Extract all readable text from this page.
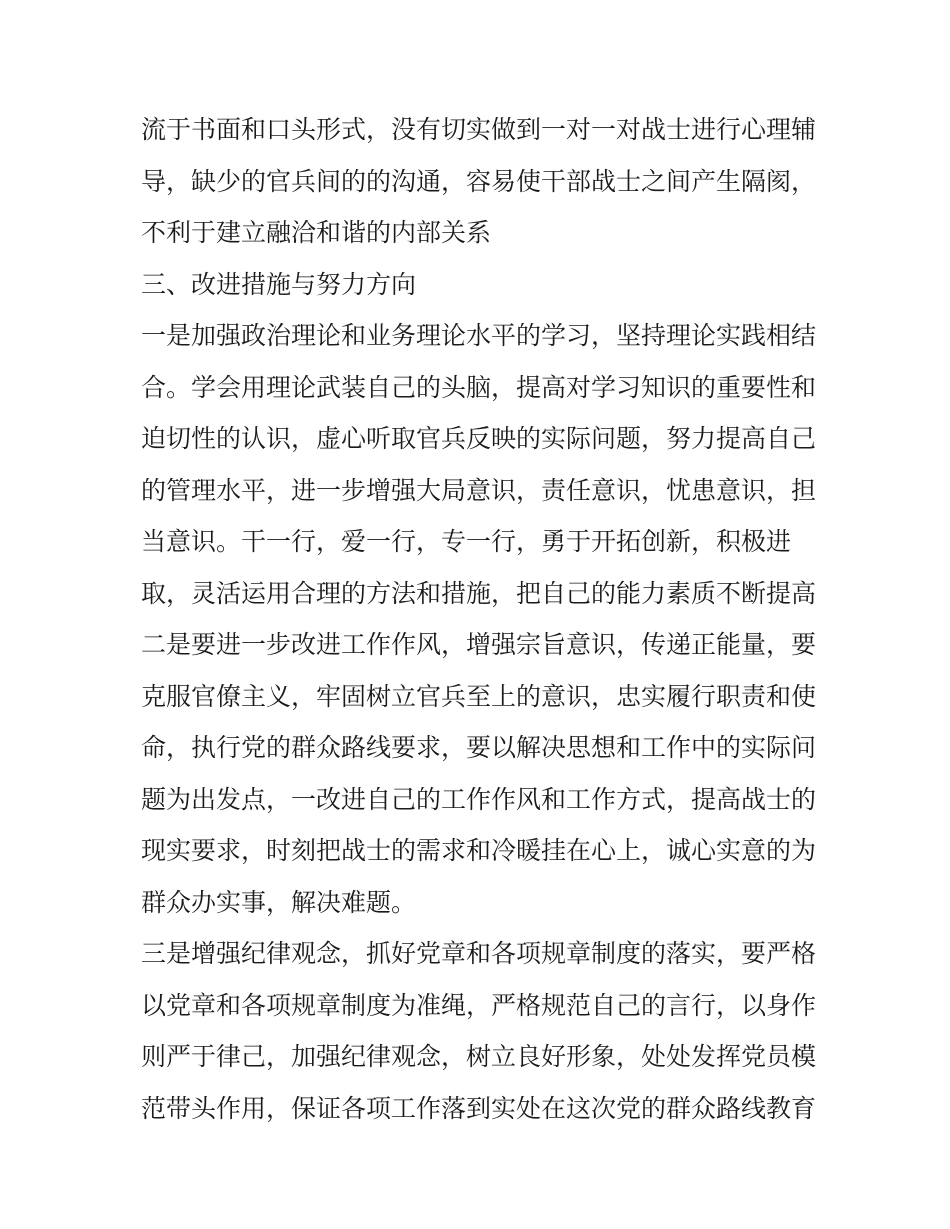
流于书面和口头形式，没有切实做到一对一对战士进行心理辅
导，缺少的官兵间的的沟通，容易使干部战士之间产生隔阂，
不利于建立融洽和谐的内部关系
三、改进措施与努力方向
一是加强政治理论和业务理论水平的学习，坚持理论实践相结
合。学会用理论武装自己的头脑，提高对学习知识的重要性和
迫切性的认识，虚心听取官兵反映的实际问题，努力提高自己
的管理水平，进一步增强大局意识，责任意识，忧患意识，担
当意识。干一行，爱一行，专一行，勇于开拓创新，积极进
取，灵活运用合理的方法和措施，把自己的能力素质不断提高
二是要进一步改进工作作风，增强宗旨意识，传递正能量，要
克服官僚主义，牢固树立官兵至上的意识，忠实履行职责和使
命，执行党的群众路线要求，要以解决思想和工作中的实际问
题为出发点，一改进自己的工作作风和工作方式，提高战士的
现实要求，时刻把战士的需求和冷暖挂在心上，诚心实意的为
群众办实事，解决难题。
三是增强纪律观念，抓好党章和各项规章制度的落实，要严格
以党章和各项规章制度为准绳，严格规范自己的言行，以身作
则严于律己，加强纪律观念，树立良好形象，处处发挥党员模
范带头作用，保证各项工作落到实处在这次党的群众路线教育
